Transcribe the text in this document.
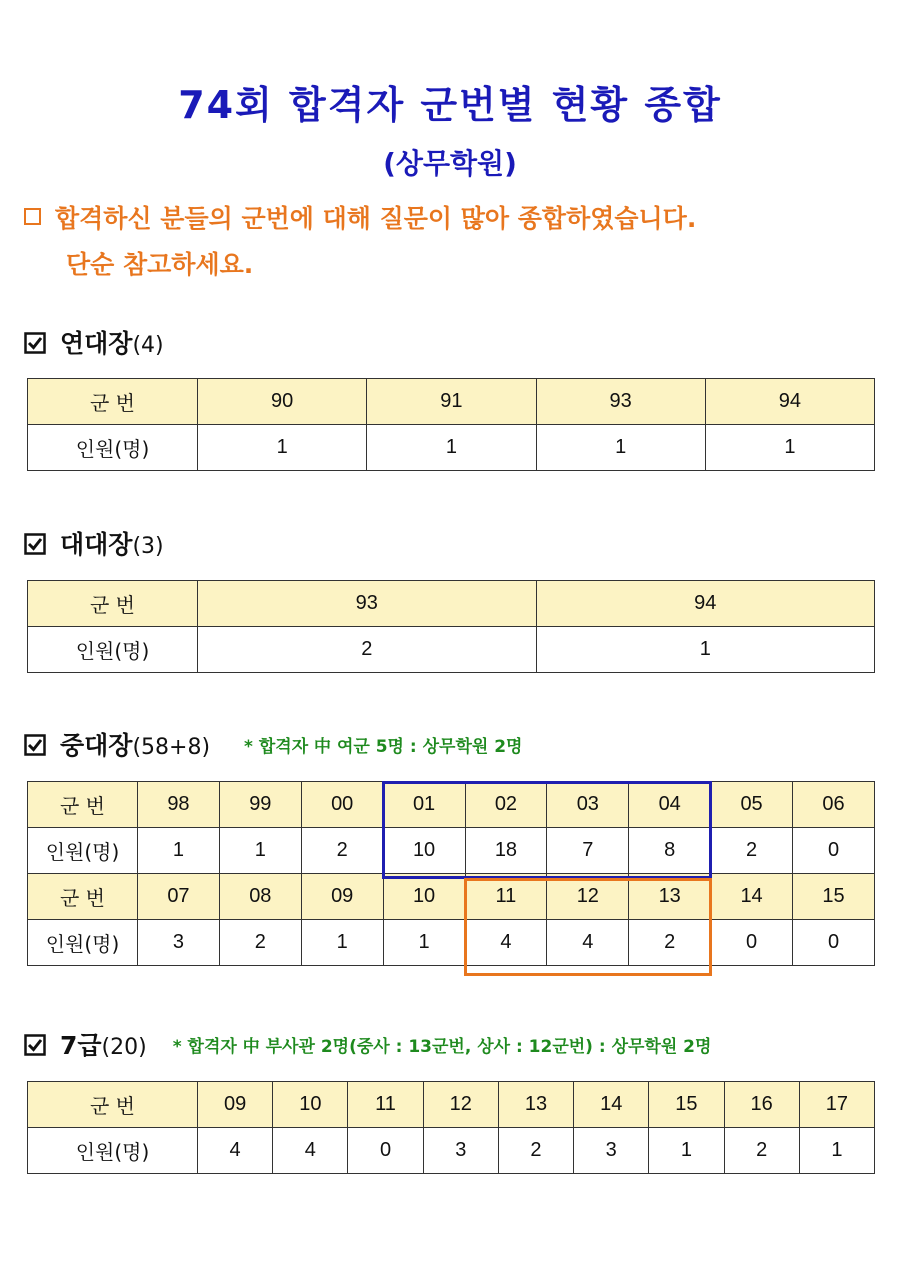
74회 합격자 군번별 현황 종합
(상무학원)
합격하신 분들의 군번에 대해 질문이 많아 종합하였습니다.
단순 참고하세요.
연대장(4)
군 번	90	91	93	94
인원(명)	1	1	1	1
대대장(3)
군 번	93	94
인원(명)	2	1
중대장(58+8) * 합격자 中 여군 5명 : 상무학원 2명
군 번	98	99	00	01	02	03	04	05	06
인원(명)	1	1	2	10	18	7	8	2	0
군 번	07	08	09	10	11	12	13	14	15
인원(명)	3	2	1	1	4	4	2	0	0
7급(20) * 합격자 中 부사관 2명(중사 : 13군번, 상사 : 12군번) : 상무학원 2명
군 번	09	10	11	12	13	14	15	16	17
인원(명)	4	4	0	3	2	3	1	2	1
